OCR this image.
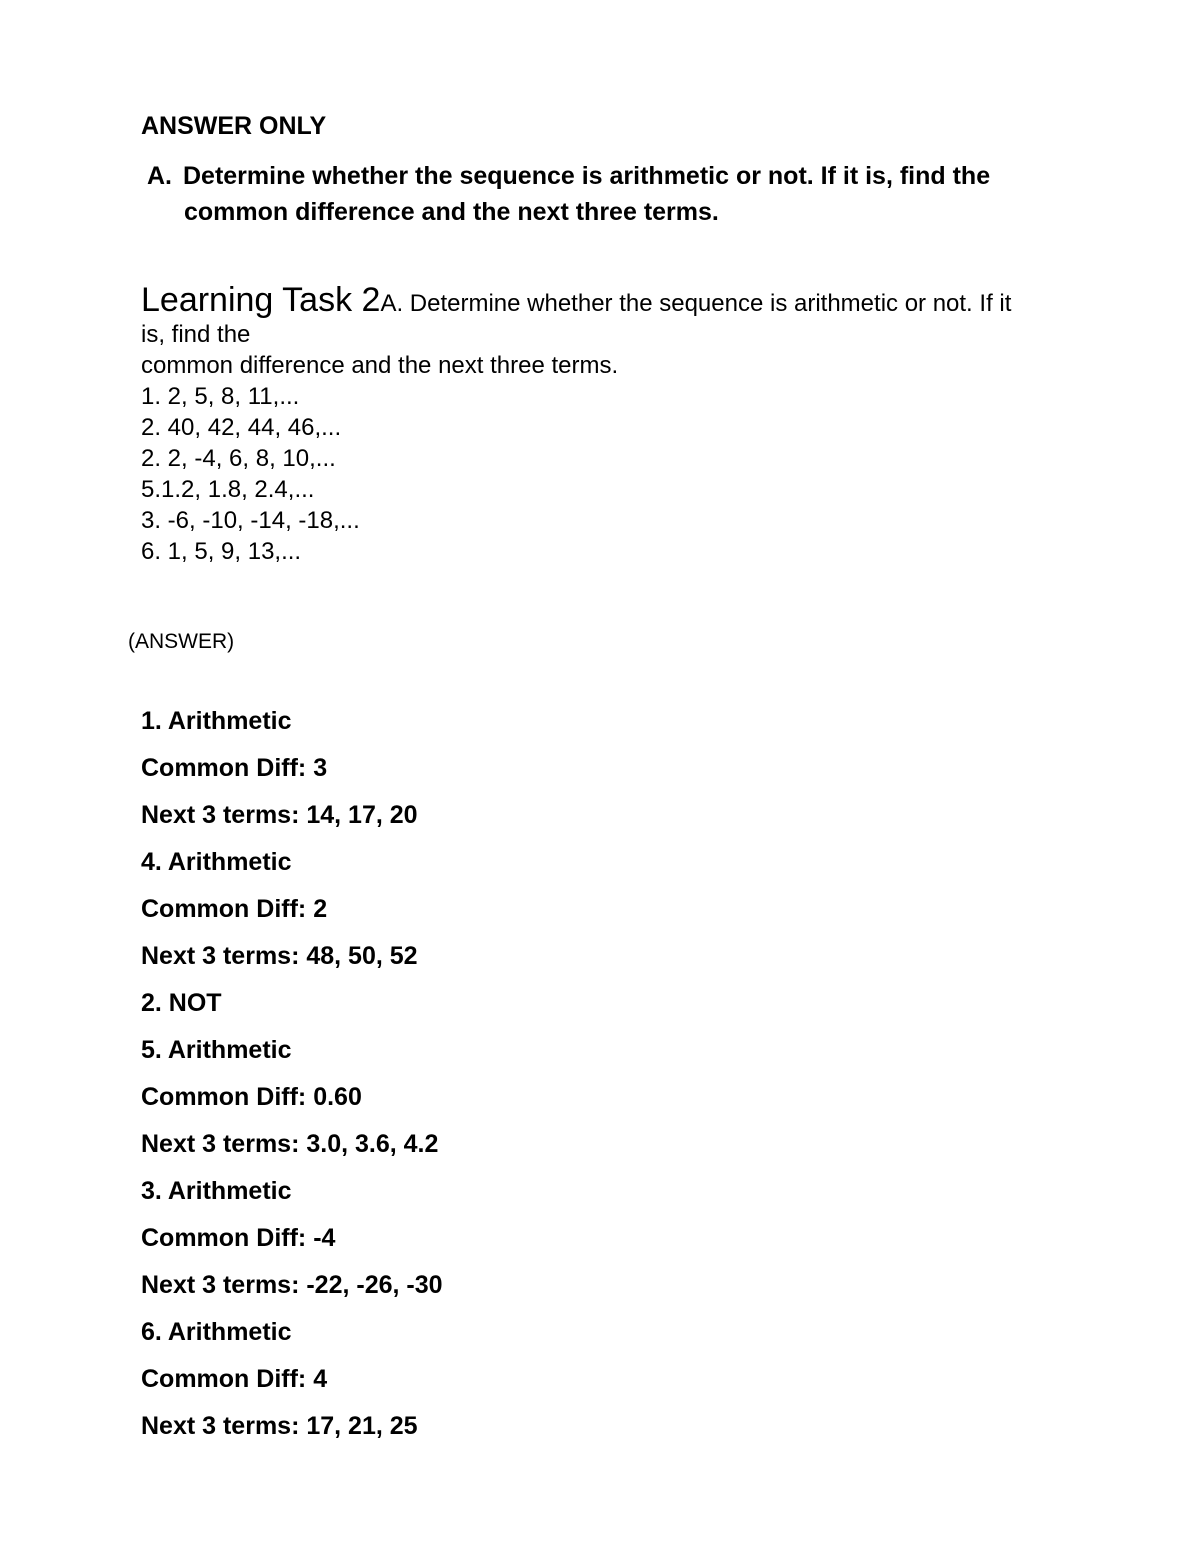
ANSWER ONLY
A. Determine whether the sequence is arithmetic or not. If it is, find the
common difference and the next three terms.
Learning Task 2A. Determine whether the sequence is arithmetic or not. If it
is, find the
common difference and the next three terms.
1. 2, 5, 8, 11,...
2. 40, 42, 44, 46,...
2. 2, -4, 6, 8, 10,...
5.1.2, 1.8, 2.4,...
3. -6, -10, -14, -18,...
6. 1, 5, 9, 13,...
(ANSWER)
1. Arithmetic
Common Diff: 3
Next 3 terms: 14, 17, 20
4. Arithmetic
Common Diff: 2
Next 3 terms: 48, 50, 52
2. NOT
5. Arithmetic
Common Diff: 0.60
Next 3 terms: 3.0, 3.6, 4.2
3. Arithmetic
Common Diff: -4
Next 3 terms: -22, -26, -30
6. Arithmetic
Common Diff: 4
Next 3 terms: 17, 21, 25
